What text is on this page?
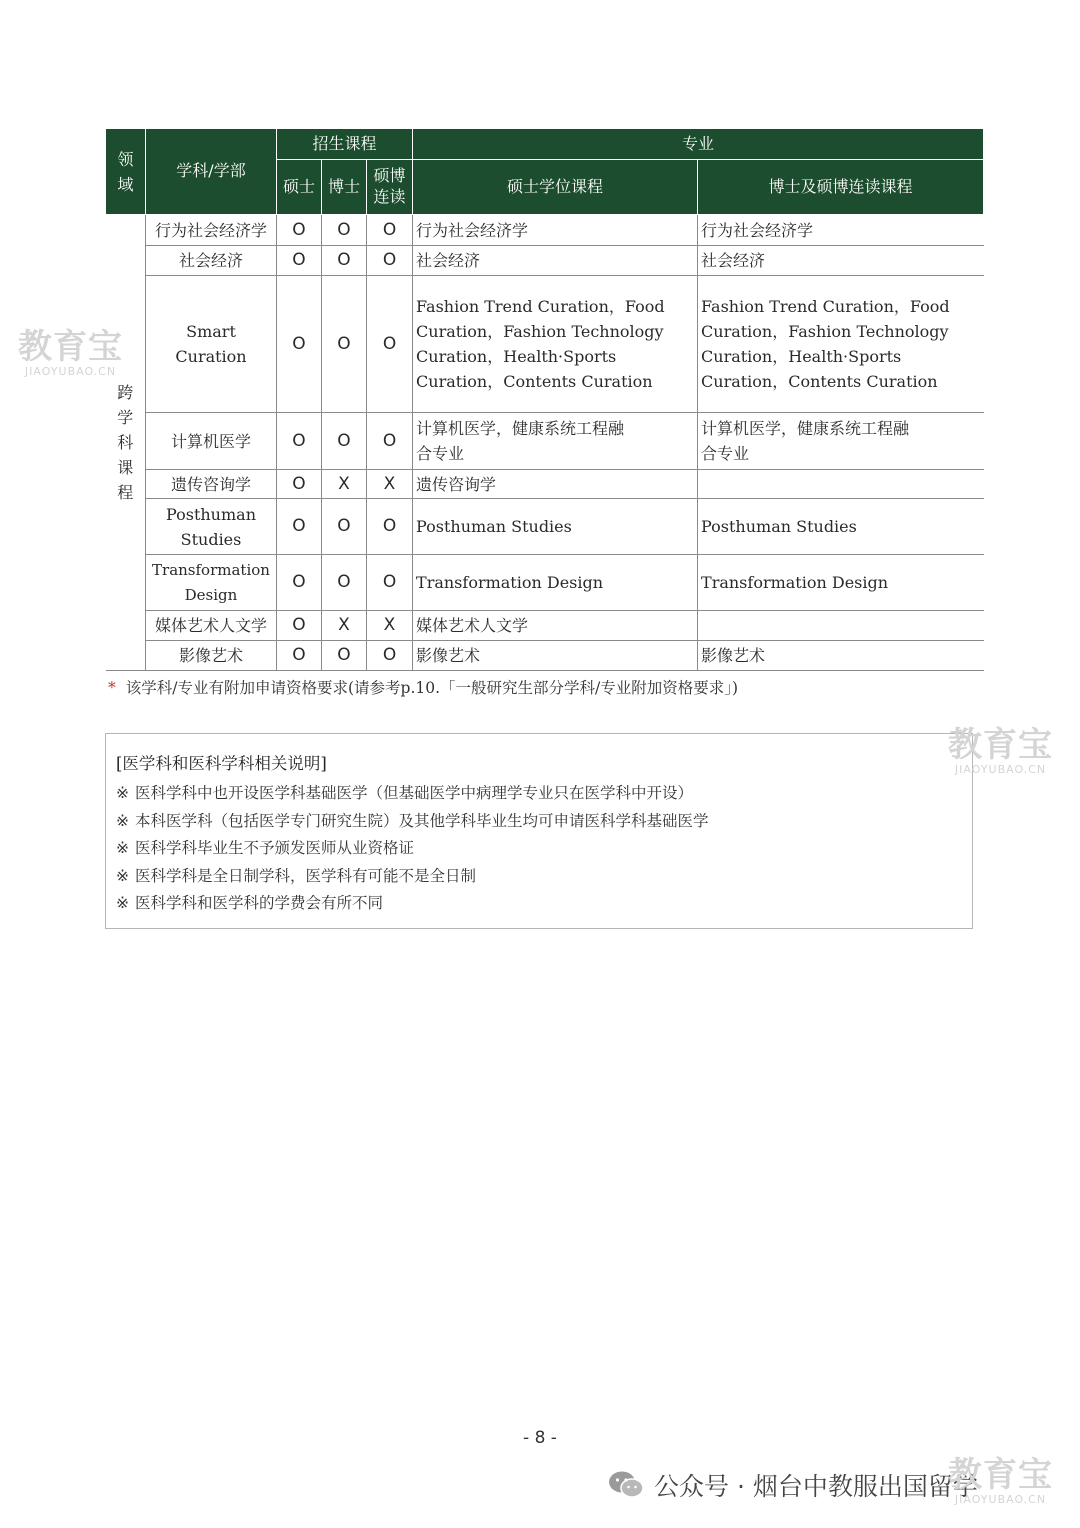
领域	学科/学部	招生课程			专业	
		硕士	博士	硕博连读	硕士学位课程	博士及硕博连读课程
跨学科课程	行为社会经济学	O	O	O	行为社会经济学	行为社会经济学
	社会经济	O	O	O	社会经济	社会经济
	Smart Curation	O	O	O	Fashion Trend Curation，Food Curation，Fashion Technology Curation，Health·Sports Curation，Contents Curation	Fashion Trend Curation，Food Curation，Fashion Technology Curation，Health·Sports Curation，Contents Curation
	计算机医学	O	O	O	计算机医学，健康系统工程融合专业	计算机医学，健康系统工程融合专业
	遗传咨询学	O	X	X	遗传咨询学	
	Posthuman Studies	O	O	O	Posthuman Studies	Posthuman Studies
	Transformation Design	O	O	O	Transformation Design	Transformation Design
	媒体艺术人文学	O	X	X	媒体艺术人文学	
	影像艺术	O	O	O	影像艺术	影像艺术
* 该学科/专业有附加申请资格要求(请参考p.10.「一般研究生部分学科/专业附加资格要求」)
[医学科和医科学科相关说明]
※ 医科学科中也开设医学科基础医学（但基础医学中病理学专业只在医学科中开设）
※ 本科医学科（包括医学专门研究生院）及其他学科毕业生均可申请医科学科基础医学
※ 医科学科毕业生不予颁发医师从业资格证
※ 医科学科是全日制学科，医学科有可能不是全日制
※ 医科学科和医学科的学费会有所不同
- 8 -
教育宝
JIAOYUBAO.CN
教育宝
JIAOYUBAO.CN
公众号 · 烟台中教服出国留学
教育宝
JIAOYUBAO.CN
